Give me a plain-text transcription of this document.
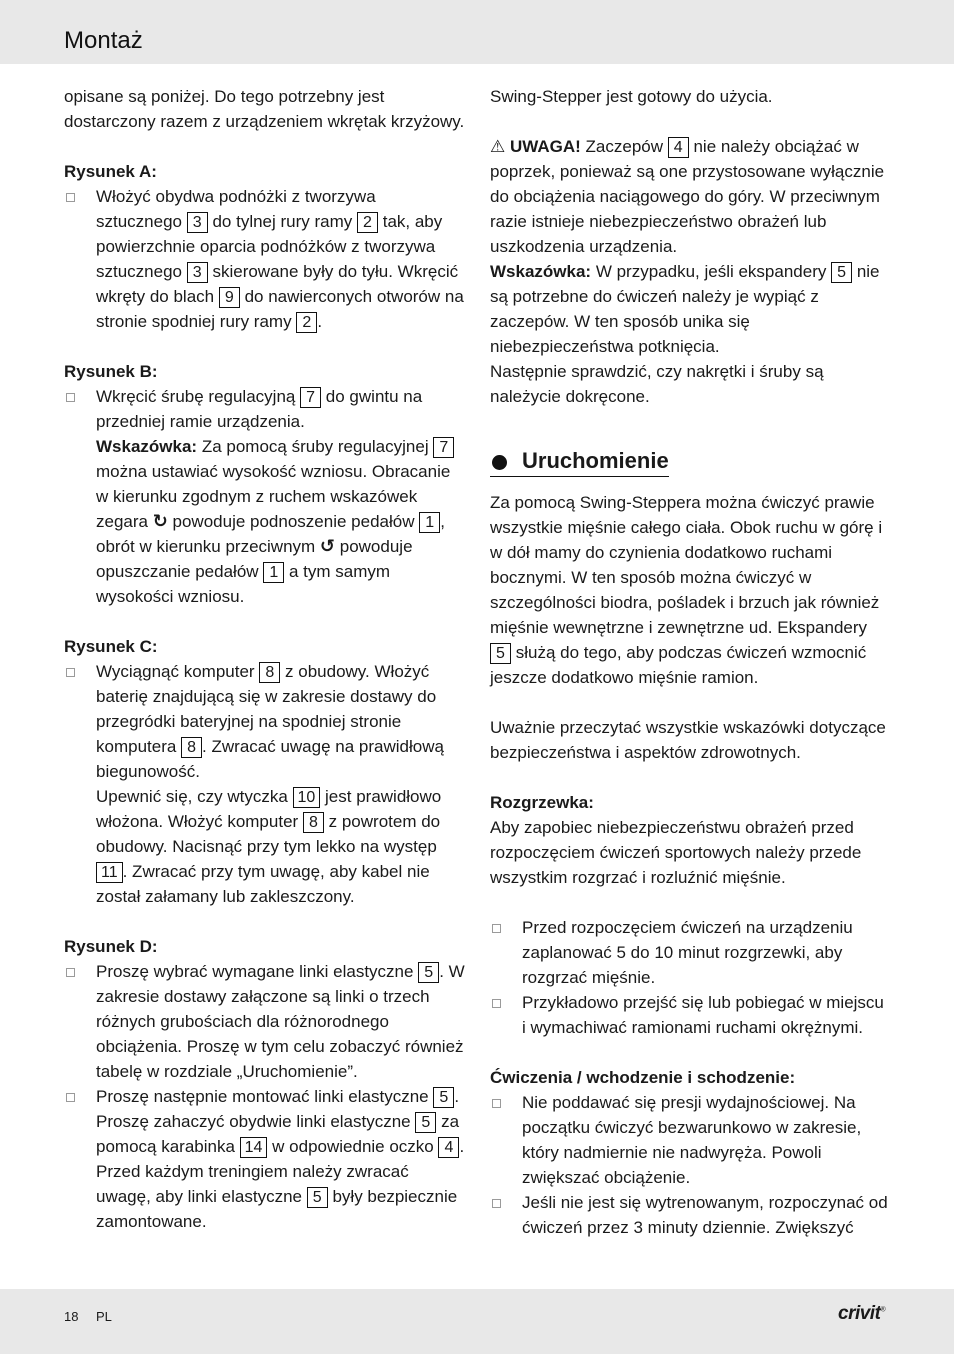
Montaż

opisane są poniżej. Do tego potrzebny jest dostarczony razem z urządzeniem wkrętak krzyżowy.

Rysunek A:

Włożyć obydwa podnóżki z tworzywa sztucznego 3 do tylnej rury ramy 2 tak, aby powierzchnie oparcia podnóżków z tworzywa sztucznego 3 skierowane były do tyłu. Wkręcić wkręty do blach 9 do nawierconych otworów na stronie spodniej rury ramy 2 .

Rysunek B:

Wkręcić śrubę regulacyjną 7 do gwintu na przedniej ramie urządzenia.
Wskazówka: Za pomocą śruby regulacyjnej 7 można ustawiać wysokość wzniosu. Obracanie w kierunku zgodnym z ruchem wskazówek zegara ↻ powoduje podnoszenie pedałów 1 , obrót w kierunku przeciwnym ↺ powoduje opuszczanie pedałów 1 a tym samym wysokości wzniosu.

Rysunek C:

Wyciągnąć komputer 8 z obudowy. Włożyć baterię znajdującą się w zakresie dostawy do przegródki bateryjnej na spodniej stronie komputera 8 . Zwracać uwagę na prawidłową biegunowość.
Upewnić się, czy wtyczka 10 jest prawidłowo włożona. Włożyć komputer 8 z powrotem do obudowy. Nacisnąć przy tym lekko na występ 11 . Zwracać przy tym uwagę, aby kabel nie został załamany lub zakleszczony.

Rysunek D:

Proszę wybrać wymagane linki elastyczne 5 . W zakresie dostawy załączone są linki o trzech różnych grubościach dla różnorodnego obciążenia. Proszę w tym celu zobaczyć również tabelę w rozdziale „Uruchomienie”.
Proszę następnie montować linki elastyczne 5 . Proszę zahaczyć obydwie linki elastyczne 5 za pomocą karabinka 14 w odpowiednie oczko 4 . Przed każdym treningiem należy zwracać uwagę, aby linki elastyczne 5 były bezpiecznie zamontowane.

Swing-Stepper jest gotowy do użycia.

⚠ UWAGA! Zaczepów 4 nie należy obciążać w poprzek, ponieważ są one przystosowane wyłącznie do obciążenia naciągowego do góry. W przeciwnym razie istnieje niebezpieczeństwo obrażeń lub uszkodzenia urządzenia.

Wskazówka: W przypadku, jeśli ekspandery 5 nie są potrzebne do ćwiczeń należy je wypiąć z zaczepów. W ten sposób unika się niebezpieczeństwa potknięcia.

Następnie sprawdzić, czy nakrętki i śruby są należycie dokręcone.

Uruchomienie

Za pomocą Swing-Steppera można ćwiczyć prawie wszystkie mięśnie całego ciała. Obok ruchu w górę i w dół mamy do czynienia dodatkowo ruchami bocznymi. W ten sposób można ćwiczyć w szczególności biodra, pośladek i brzuch jak również mięśnie wewnętrzne i zewnętrzne ud. Ekspandery 5 służą do tego, aby podczas ćwiczeń wzmocnić jeszcze dodatkowo mięśnie ramion.

Uważnie przeczytać wszystkie wskazówki dotyczące bezpieczeństwa i aspektów zdrowotnych.

Rozgrzewka:

Aby zapobiec niebezpieczeństwu obrażeń przed rozpoczęciem ćwiczeń sportowych należy przede wszystkim rozgrzać i rozluźnić mięśnie.

Przed rozpoczęciem ćwiczeń na urządzeniu zaplanować 5 do 10 minut rozgrzewki, aby rozgrzać mięśnie.
Przykładowo przejść się lub pobiegać w miejscu i wymachiwać ramionami ruchami okrężnymi.

Ćwiczenia / wchodzenie i schodzenie:

Nie poddawać się presji wydajnościowej. Na początku ćwiczyć bezwarunkowo w zakresie, który nadmiernie nie nadwyręża. Powoli zwiększać obciążenie.
Jeśli nie jest się wytrenowanym, rozpoczynać od ćwiczeń przez 3 minuty dziennie. Zwiększyć
18 PL	crivit®
